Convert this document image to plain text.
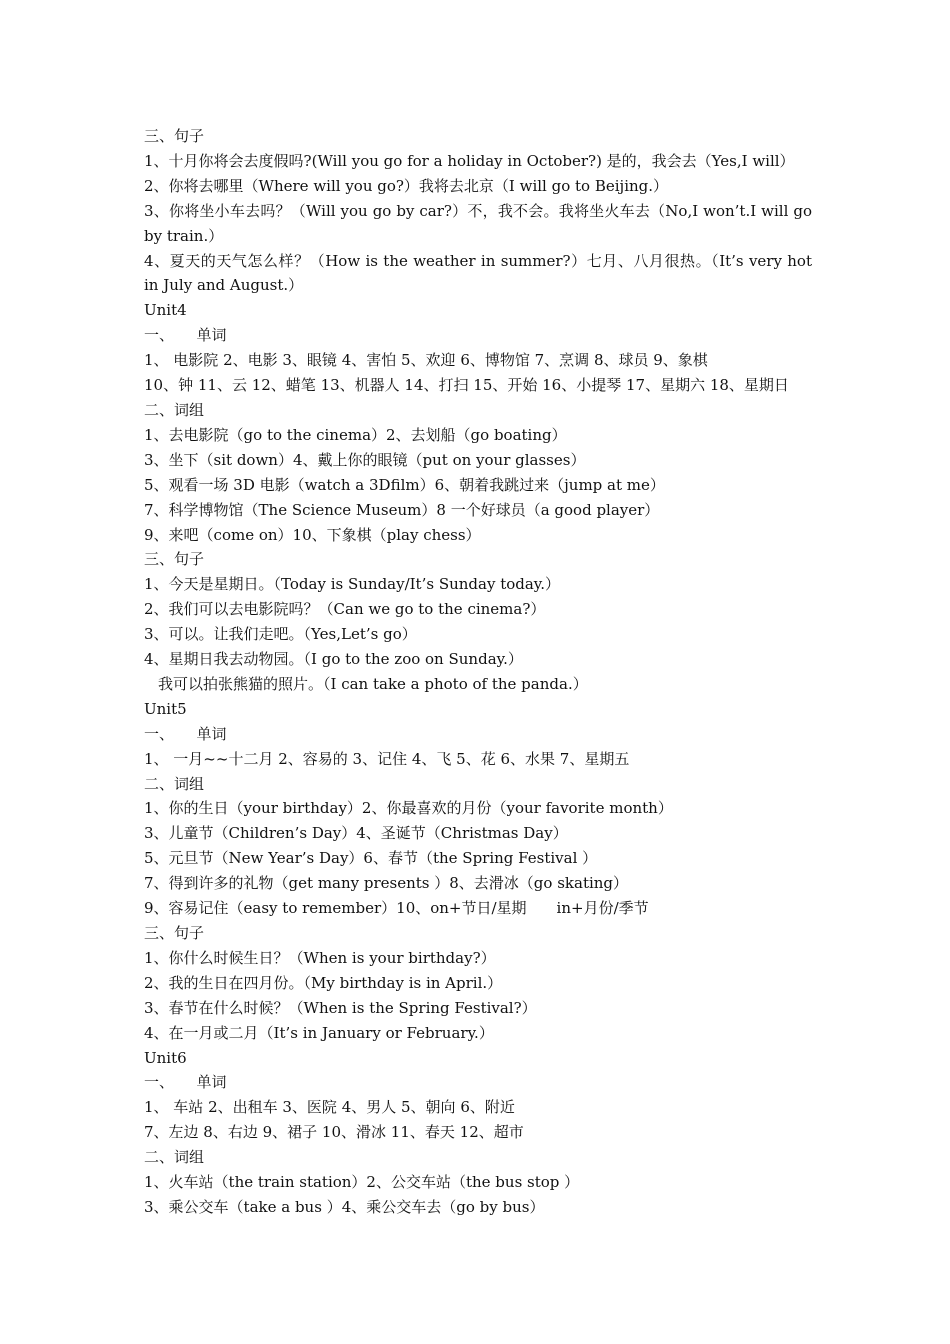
三、句子

1、十月你将会去度假吗?(Will you go for a holiday in October?) 是的，我会去（Yes,I will）

2、你将去哪里（Where will you go?）我将去北京（I will go to Beijing.）

3、你将坐小车去吗？（Will you go by car?）不，我不会。我将坐火车去（No,I won’t.I will go by train.）

4、夏天的天气怎么样？（How is the weather in summer?）七月、八月很热。（It’s very hot in July and August.）

Unit4

一、　　单词

1、 电影院 2、电影 3、眼镜 4、害怕 5、欢迎 6、博物馆 7、烹调 8、球员 9、象棋

10、钟 11、云 12、蜡笔 13、机器人 14、打扫 15、开始 16、小提琴 17、星期六 18、星期日

二、词组

1、去电影院（go to the cinema）2、去划船（go boating）

3、坐下（sit down）4、戴上你的眼镜（put on your glasses）

5、观看一场 3D 电影（watch a 3Dfilm）6、朝着我跳过来（jump at me）

7、科学博物馆（The Science Museum）8 一个好球员（a good player）

9、来吧（come on）10、下象棋（play chess）

三、句子

1、今天是星期日。（Today is Sunday/It’s Sunday today.）

2、我们可以去电影院吗？（Can we go to the cinema?）

3、可以。让我们走吧。（Yes,Let’s go）

4、星期日我去动物园。（I go to the zoo on Sunday.）

我可以拍张熊猫的照片。（I can take a photo of the panda.）

Unit5

一、　　单词

1、 一月~~十二月 2、容易的 3、记住 4、飞 5、花 6、水果 7、星期五

二、词组

1、你的生日（your birthday）2、你最喜欢的月份（your favorite month）

3、儿童节（Children’s Day）4、圣诞节（Christmas Day）

5、元旦节（New Year’s Day）6、春节（the Spring Festival ）

7、得到许多的礼物（get many presents ）8、去滑冰（go skating）

9、容易记住（easy to remember）10、on+节日/星期　　in+月份/季节

三、句子

1、你什么时候生日？（When is your birthday?）

2、我的生日在四月份。（My birthday is in April.）

3、春节在什么时候？（When is the Spring Festival?）

4、在一月或二月（It’s in January or February.）

Unit6

一、　　单词

1、 车站 2、出租车 3、医院 4、男人 5、朝向 6、附近

7、左边 8、右边 9、裙子 10、滑冰 11、春天 12、超市

二、词组

1、火车站（the train station）2、公交车站（the bus stop ）

3、乘公交车（take a bus ）4、乘公交车去（go by bus）
